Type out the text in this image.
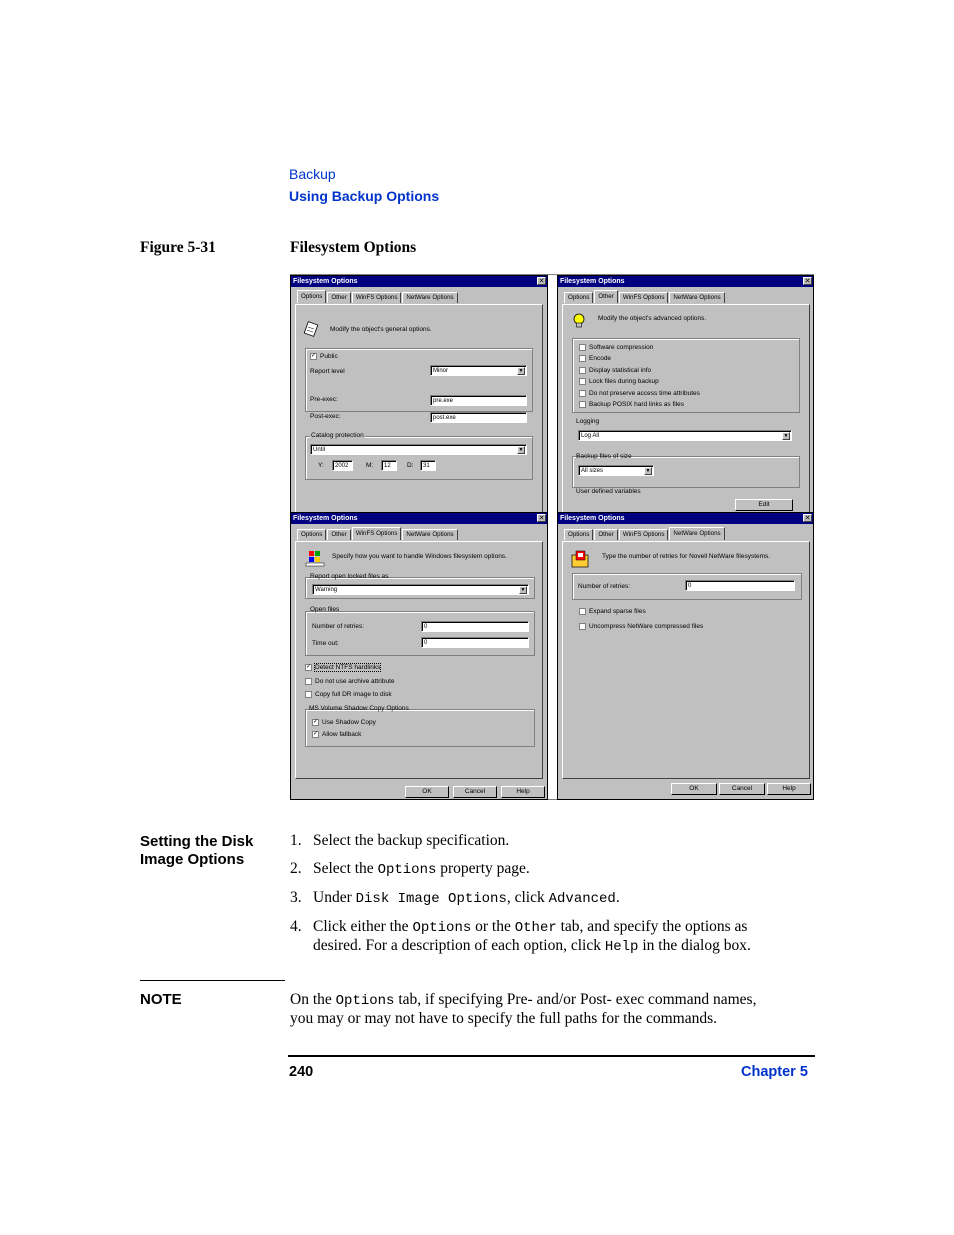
Backup
Using Backup Options
Figure 5-31	Filesystem Options
Filesystem Options	✕
Options	Other	WinFS Options	NetWare Options
Modify the object's general options.
✓ Public
Report level	Minor	▼
Pre-exec:	pre.exe
Post-exec:	post.exe
Catalog protection
Until	▼
Y:	2002	M:	12	D:	31
Filesystem Options	✕
Options	Other	WinFS Options	NetWare Options
Modify the object's advanced options.
Software compression
Encode
Display statistical info
Lock files during backup
Do not preserve access time attributes
Backup POSIX hard links as files
Logging
Log All	▼
Backup files of size
All sizes	▼
User defined variables
Edit
Filesystem Options	✕
Options	Other	WinFS Options	NetWare Options
Specify how you want to handle Windows filesystem options.
Report open locked files as
Warning	▼
Open files
Number of retries:	0
Time out:	0
✓ Detect NTFS hardlinks
Do not use archive attribute
Copy full DR image to disk
MS Volume Shadow Copy Options
✓ Use Shadow Copy
✓ Allow fallback
OK	Cancel	Help
Filesystem Options	✕
Options	Other	WinFS Options	NetWare Options
Type the number of retries for Novell NetWare filesystems.
Number of retries:	0
Expand sparse files
Uncompress NetWare compressed files
OK	Cancel	Help
Setting the Disk
Image Options
1. Select the backup specification.
2. Select the Options property page.
3. Under Disk Image Options, click Advanced.
4. Click either the Options or the Other tab, and specify the options as
desired. For a description of each option, click Help in the dialog box.
NOTE	On the Options tab, if specifying Pre- and/or Post- exec command names,
you may or may not have to specify the full paths for the commands.
240	Chapter 5
